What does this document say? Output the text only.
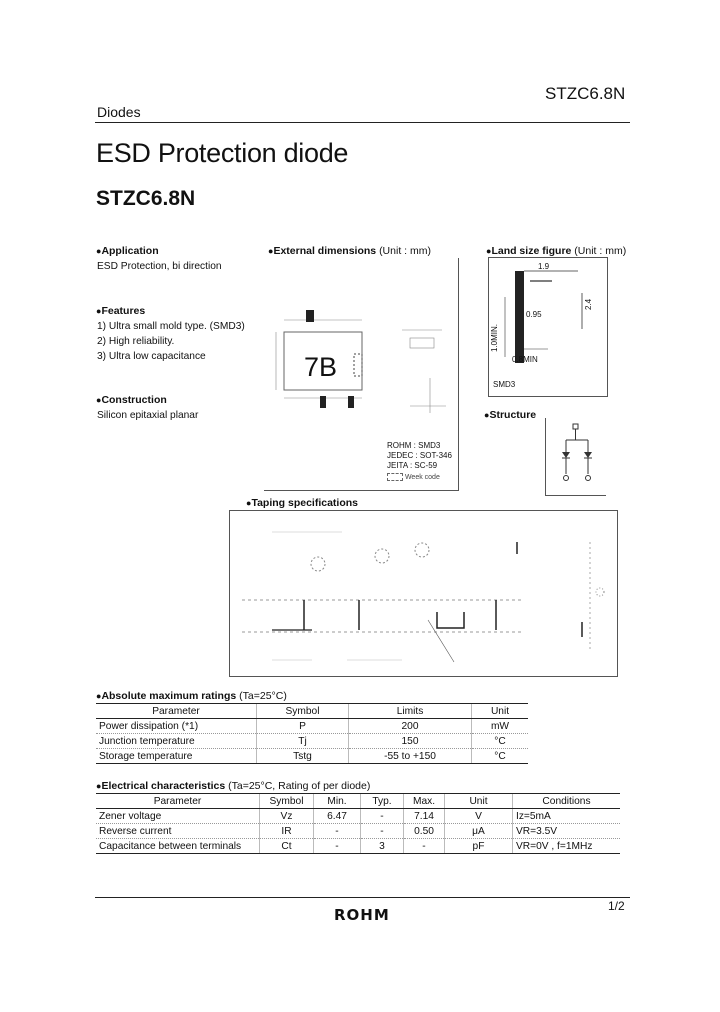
STZC6.8N
Diodes
ESD Protection diode
STZC6.8N
●Application
ESD Protection, bi direction
●Features
1) Ultra small mold type. (SMD3)
2) High reliability.
3) Ultra low capacitance
●Construction
Silicon epitaxial planar
●External dimensions (Unit : mm)
7B
ROHM : SMD3
JEDEC : SOT-346
JEITA : SC-59
Week code
●Land size figure (Unit : mm)
1.9
0.95
2.4
1.0MIN.
0.8MIN
SMD3
●Structure
●Taping specifications
●Absolute maximum ratings (Ta=25°C)
Parameter	Symbol	Limits	Unit
Power dissipation (*1)	P	200	mW
Junction temperature	Tj	150	°C
Storage temperature	Tstg	-55 to +150	°C
●Electrical characteristics (Ta=25°C, Rating of per diode)
Parameter	Symbol	Min.	Typ.	Max.	Unit	Conditions
Zener voltage	Vz	6.47	-	7.14	V	Iz=5mA
Reverse current	IR	-	-	0.50	μA	VR=3.5V
Capacitance between terminals	Ct	-	3	-	pF	VR=0V , f=1MHz
1/2
ROHM
